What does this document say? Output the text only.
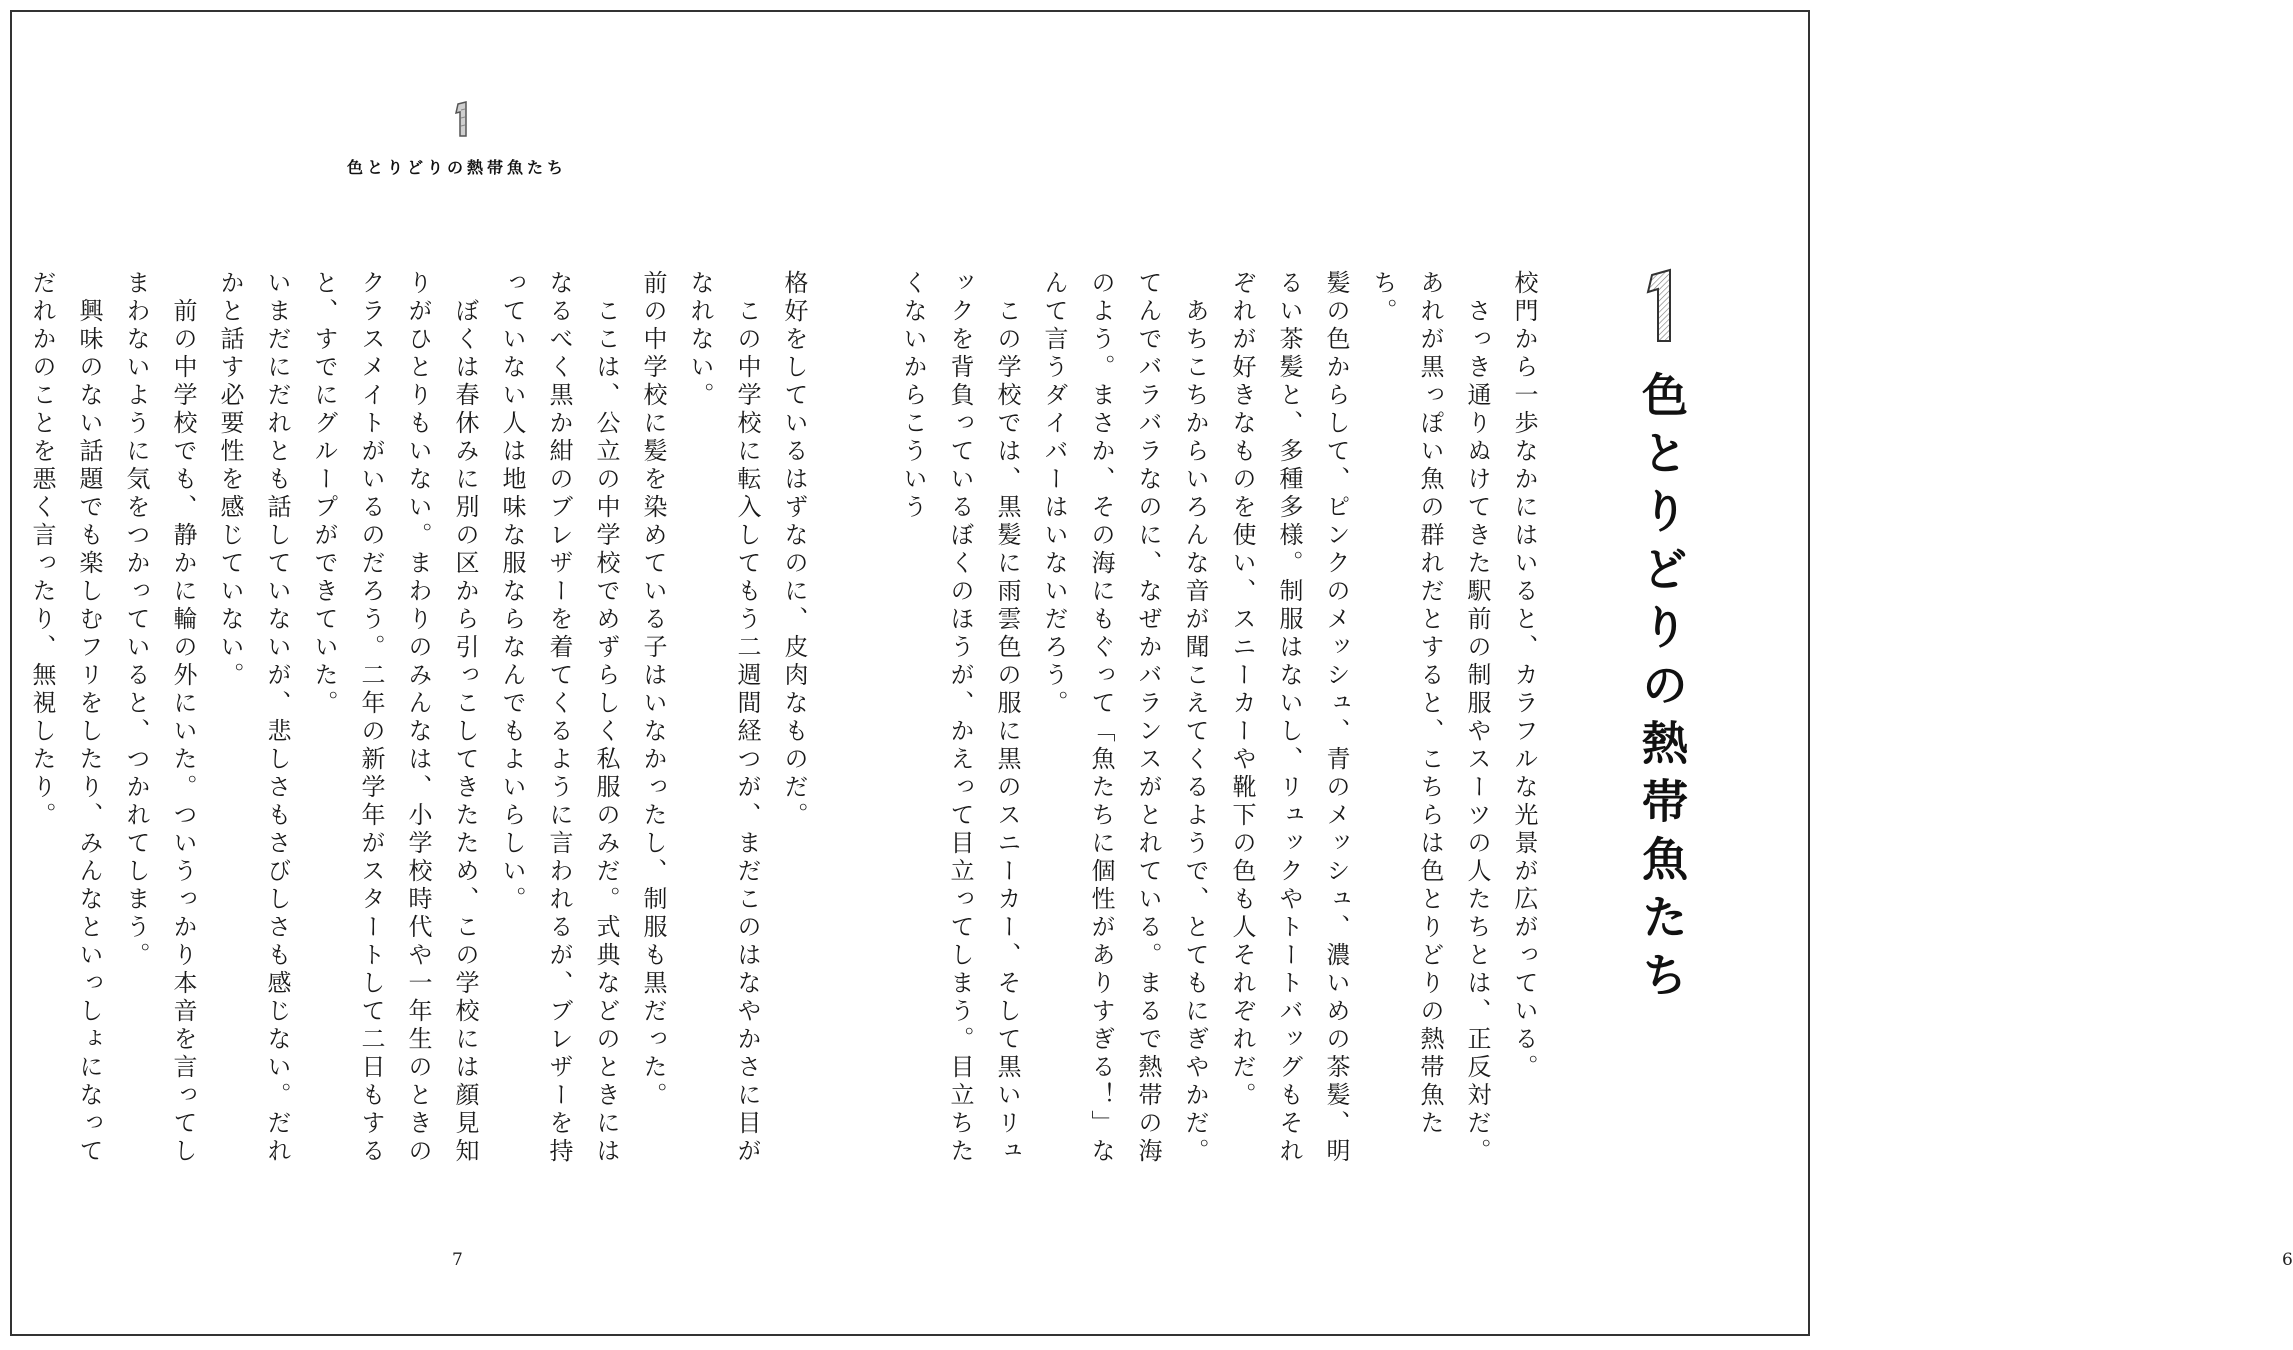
色とりどりの熱帯魚たち
格好をしているはずなのに、皮肉なものだ。
　この中学校に転入してもう二週間経つが、まだこのはなやかさに目がなれない。
前の中学校に髪を染めている子はいなかったし、制服も黒だった。
　ここは、公立の中学校でめずらしく私服のみだ。式典などのときにはなるべく黒か紺のブレザーを着てくるように言われるが、ブレザーを持っていない人は地味な服ならなんでもよいらしい。
　ぼくは春休みに別の区から引っこしてきたため、この学校には顔見知りがひとりもいない。まわりのみんなは、小学校時代や一年生のときのクラスメイトがいるのだろう。二年の新学年がスタートして二日もすると、すでにグループができていた。
いまだにだれとも話していないが、悲しさもさびしさも感じない。だれかと話す必要性を感じていない。
　前の中学校でも、静かに輪の外にいた。ついうっかり本音を言ってしまわないように気をつかっていると、つかれてしまう。
　興味のない話題でも楽しむフリをしたり、みんなといっしょになってだれかのことを悪く言ったり、無視したり。
7
校門から一歩なかにはいると、カラフルな光景が広がっている。
　さっき通りぬけてきた駅前の制服やスーツの人たちとは、正反対だ。あれが黒っぽい魚の群れだとすると、こちらは色とりどりの熱帯魚たち。
髪の色からして、ピンクのメッシュ、青のメッシュ、濃いめの茶髪、明るい茶髪と、多種多様。制服はないし、リュックやトートバッグもそれぞれが好きなものを使い、スニーカーや靴下の色も人それぞれだ。
　あちこちからいろんな音が聞こえてくるようで、とてもにぎやかだ。てんでバラバラなのに、なぜかバランスがとれている。まるで熱帯の海のよう。まさか、その海にもぐって「魚たちに個性がありすぎる！」なんて言うダイバーはいないだろう。
　この学校では、黒髪に雨雲色の服に黒のスニーカー、そして黒いリュックを背負っているぼくのほうが、かえって目立ってしまう。目立ちたくないからこういう	色とりどりの熱帯魚たち
6
